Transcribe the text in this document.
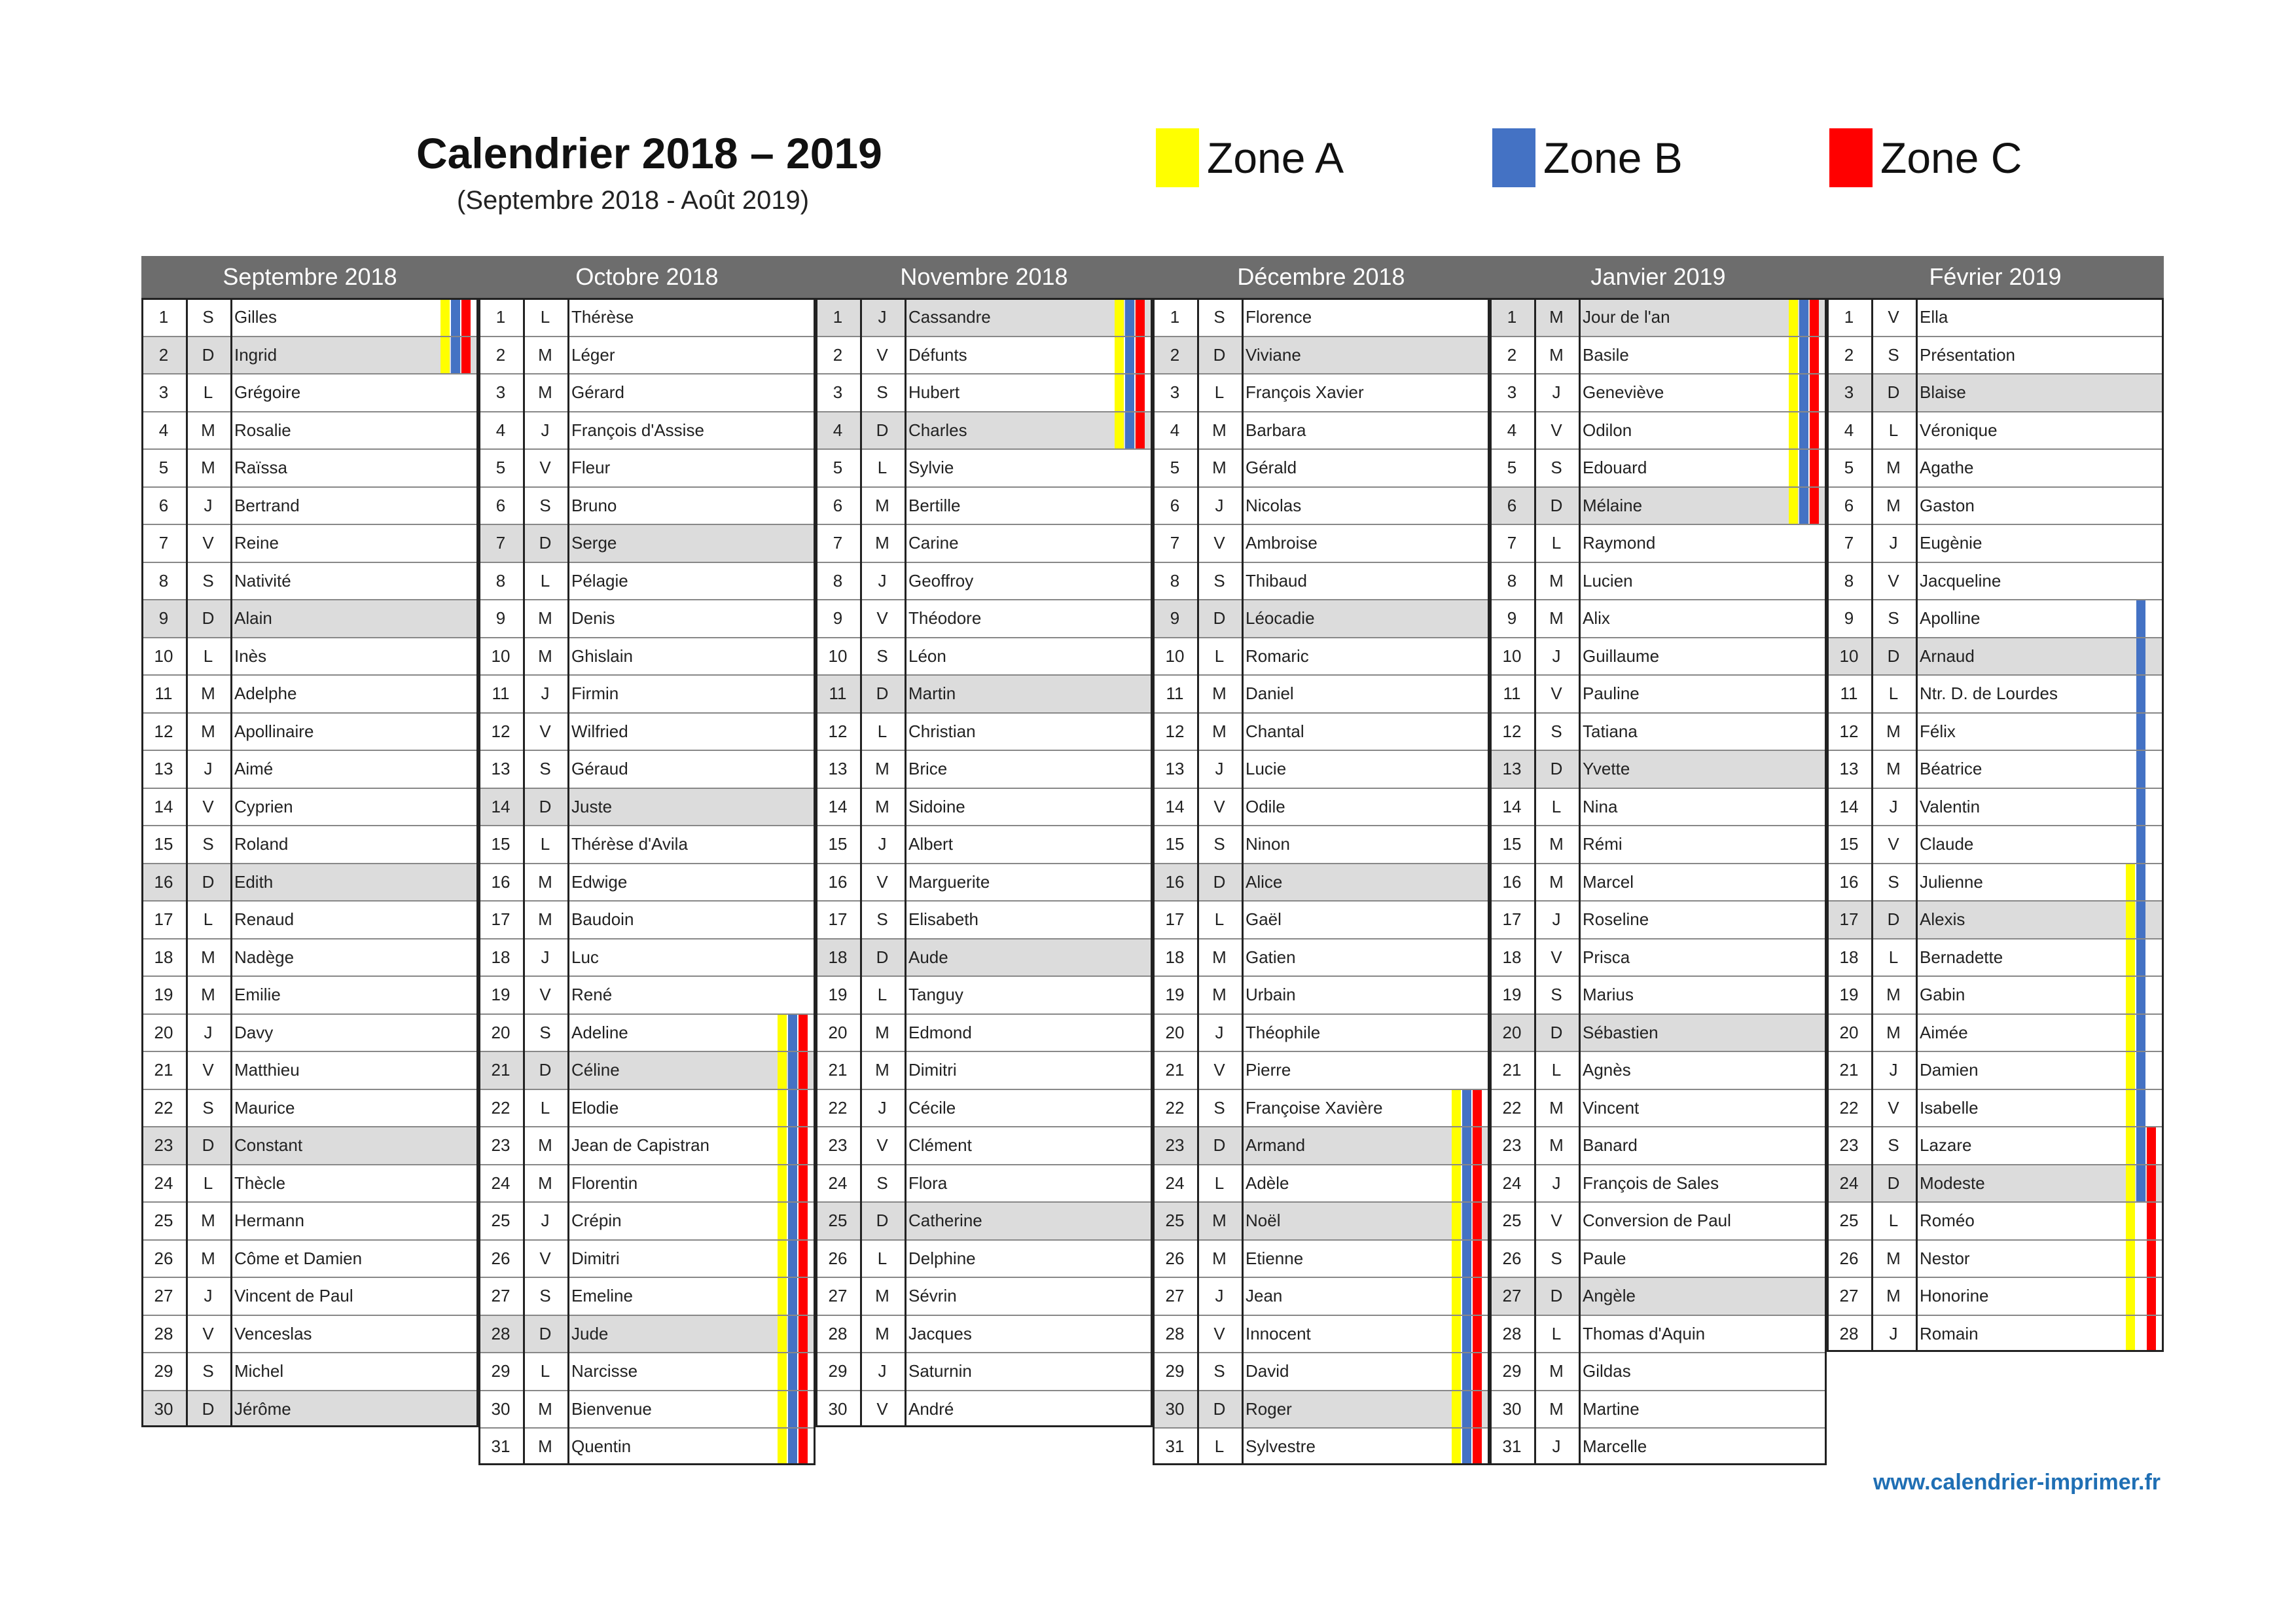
Calendrier 2018 – 2019
(Septembre 2018 - Août 2019)
Zone A	Zone B	Zone C
Septembre 2018
1	S	Gilles
2	D	Ingrid
3	L	Grégoire
4	M	Rosalie
5	M	Raïssa
6	J	Bertrand
7	V	Reine
8	S	Nativité
9	D	Alain
10	L	Inès
11	M	Adelphe
12	M	Apollinaire
13	J	Aimé
14	V	Cyprien
15	S	Roland
16	D	Edith
17	L	Renaud
18	M	Nadège
19	M	Emilie
20	J	Davy
21	V	Matthieu
22	S	Maurice
23	D	Constant
24	L	Thècle
25	M	Hermann
26	M	Côme et Damien
27	J	Vincent de Paul
28	V	Venceslas
29	S	Michel
30	D	Jérôme
Octobre 2018
1	L	Thérèse
2	M	Léger
3	M	Gérard
4	J	François d'Assise
5	V	Fleur
6	S	Bruno
7	D	Serge
8	L	Pélagie
9	M	Denis
10	M	Ghislain
11	J	Firmin
12	V	Wilfried
13	S	Géraud
14	D	Juste
15	L	Thérèse d'Avila
16	M	Edwige
17	M	Baudoin
18	J	Luc
19	V	René
20	S	Adeline
21	D	Céline
22	L	Elodie
23	M	Jean de Capistran
24	M	Florentin
25	J	Crépin
26	V	Dimitri
27	S	Emeline
28	D	Jude
29	L	Narcisse
30	M	Bienvenue
31	M	Quentin
Novembre 2018
1	J	Cassandre
2	V	Défunts
3	S	Hubert
4	D	Charles
5	L	Sylvie
6	M	Bertille
7	M	Carine
8	J	Geoffroy
9	V	Théodore
10	S	Léon
11	D	Martin
12	L	Christian
13	M	Brice
14	M	Sidoine
15	J	Albert
16	V	Marguerite
17	S	Elisabeth
18	D	Aude
19	L	Tanguy
20	M	Edmond
21	M	Dimitri
22	J	Cécile
23	V	Clément
24	S	Flora
25	D	Catherine
26	L	Delphine
27	M	Sévrin
28	M	Jacques
29	J	Saturnin
30	V	André
Décembre 2018
1	S	Florence
2	D	Viviane
3	L	François Xavier
4	M	Barbara
5	M	Gérald
6	J	Nicolas
7	V	Ambroise
8	S	Thibaud
9	D	Léocadie
10	L	Romaric
11	M	Daniel
12	M	Chantal
13	J	Lucie
14	V	Odile
15	S	Ninon
16	D	Alice
17	L	Gaël
18	M	Gatien
19	M	Urbain
20	J	Théophile
21	V	Pierre
22	S	Françoise Xavière
23	D	Armand
24	L	Adèle
25	M	Noël
26	M	Etienne
27	J	Jean
28	V	Innocent
29	S	David
30	D	Roger
31	L	Sylvestre
Janvier 2019
1	M	Jour de l'an
2	M	Basile
3	J	Geneviève
4	V	Odilon
5	S	Edouard
6	D	Mélaine
7	L	Raymond
8	M	Lucien
9	M	Alix
10	J	Guillaume
11	V	Pauline
12	S	Tatiana
13	D	Yvette
14	L	Nina
15	M	Rémi
16	M	Marcel
17	J	Roseline
18	V	Prisca
19	S	Marius
20	D	Sébastien
21	L	Agnès
22	M	Vincent
23	M	Banard
24	J	François de Sales
25	V	Conversion de Paul
26	S	Paule
27	D	Angèle
28	L	Thomas d'Aquin
29	M	Gildas
30	M	Martine
31	J	Marcelle
Février 2019
1	V	Ella
2	S	Présentation
3	D	Blaise
4	L	Véronique
5	M	Agathe
6	M	Gaston
7	J	Eugènie
8	V	Jacqueline
9	S	Apolline
10	D	Arnaud
11	L	Ntr. D. de Lourdes
12	M	Félix
13	M	Béatrice
14	J	Valentin
15	V	Claude
16	S	Julienne
17	D	Alexis
18	L	Bernadette
19	M	Gabin
20	M	Aimée
21	J	Damien
22	V	Isabelle
23	S	Lazare
24	D	Modeste
25	L	Roméo
26	M	Nestor
27	M	Honorine
28	J	Romain
www.calendrier-imprimer.fr
